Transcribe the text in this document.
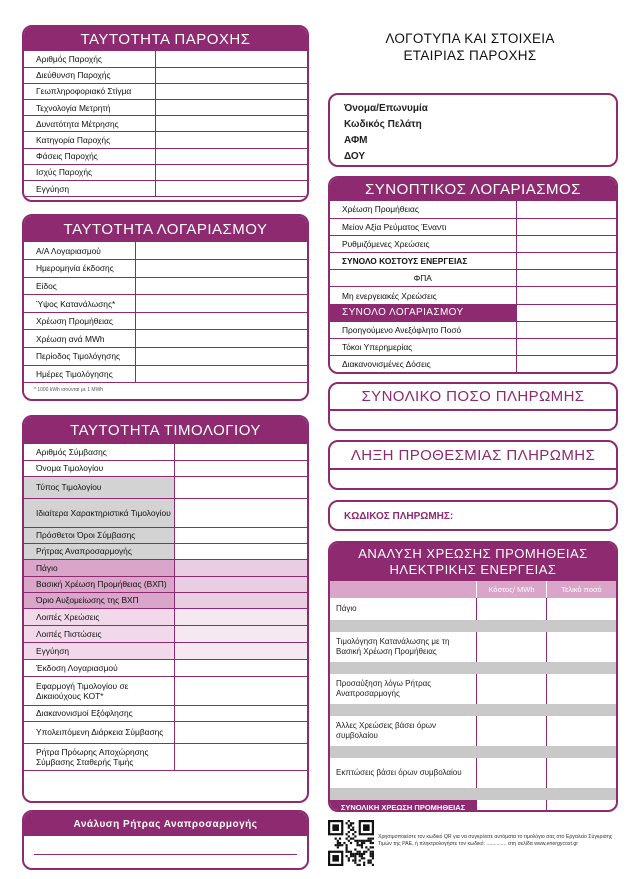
ΤΑΥΤΟΤΗΤΑ ΠΑΡΟΧΗΣ
Αριθμός Παροχής	
Διεύθυνση Παροχής	
Γεωπληροφοριακό Στίγμα	
Τεχνολογία Μετρητή	
Δυνατότητα Μέτρησης	
Κατηγορία Παροχής	
Φάσεις Παροχής	
Ισχύς Παροχής	
Εγγύηση	
ΤΑΥΤΟΤΗΤΑ ΛΟΓΑΡΙΑΣΜΟΥ
Α/Α Λογαριασμού	
Ημερομηνία έκδοσης	
Είδος	
Ύψος Κατανάλωσης*	
Χρέωση Προμήθειας	
Χρέωση ανά MWh	
Περίοδος Τιμολόγησης	
Ημέρες Τιμολόγησης	
* 1000 kWh ισούνται με 1 MWh
ΤΑΥΤΟΤΗΤΑ ΤΙΜΟΛΟΓΙΟΥ
Αριθμός Σύμβασης	
Όνομα Τιμολογίου	
Τύπος Τιμολογίου	
Ιδιαίτερα Χαρακτηριστικά Τιμολογίου	
Πρόσθετοι Όροι Σύμβασης	
Ρήτρας Αναπροσαρμογής	
Πάγιο	
Βασική Χρέωση Προμήθειας (ΒΧΠ)	
Όριο Αυξομείωσης της ΒΧΠ	
Λοιπές Χρεώσεις	
Λοιπές Πιστώσεις	
Εγγύηση	
Έκδοση Λογαριασμού	
Εφαρμογή Τιμολογίου σε Δικαιούχους ΚΟΤ*	
Διακανονισμοί Εξόφλησης	
Υπολειπόμενη Διάρκεια Σύμβασης	
Ρήτρα Πρόωρης Αποχώρησης Σύμβασης Σταθερής Τιμής	
Ανάλυση Ρήτρας Αναπροσαρμογής
ΛΟΓΟΤΥΠΑ ΚΑΙ ΣΤΟΙΧΕΙΑ
ΕΤΑΙΡΙΑΣ ΠΑΡΟΧΗΣ
Όνομα/Επωνυμία
Κωδικός Πελάτη
ΑΦΜ
ΔΟΥ
ΣΥΝΟΠΤΙΚΟΣ ΛΟΓΑΡΙΑΣΜΟΣ
Χρέωση Προμήθειας	
Μείον Αξία Ρεύματος Έναντι	
Ρυθμιζόμενες Χρεώσεις	
ΣΥΝΟΛΟ ΚΟΣΤΟΥΣ ΕΝΕΡΓΕΙΑΣ	
ΦΠΑ	
Μη ενεργειακές Χρεώσεις	
ΣΥΝΟΛΟ ΛΟΓΑΡΙΑΣΜΟΥ	
Προηγούμενο Ανεξόφλητο Ποσό	
Τόκοι Υπερημερίας	
Διακανονισμένες Δόσεις	
ΣΥΝΟΛΙΚΟ ΠΟΣΟ ΠΛΗΡΩΜΗΣ
ΛΗΞΗ ΠΡΟΘΕΣΜΙΑΣ ΠΛΗΡΩΜΗΣ
ΚΩΔΙΚΟΣ ΠΛΗΡΩΜΗΣ:
ΑΝΑΛΥΣΗ ΧΡΕΩΣΗΣ ΠΡΟΜΗΘΕΙΑΣ
ΗΛΕΚΤΡΙΚΗΣ ΕΝΕΡΓΕΙΑΣ
Κόστος/ MWh	Τελικό ποσό
Πάγιο
Τιμολόγηση Κατανάλωσης με τη Βασική Χρέωση Προμήθειας
Προσαύξηση λόγω Ρήτρας Αναπροσαρμογής
Άλλες Χρεώσεις βάσει όρων συμβολαίου
Εκπτώσεις βάσει όρων συμβολαίου
ΣΥΝΟΛΙΚΗ ΧΡΕΩΣΗ ΠΡΟΜΗΘΕΙΑΣ
Χρησιμοποιείστε τον κωδικό QR για να συγκρίνετε αυτόματα το τιμολόγιο σας στο Εργαλείο Σύγκρισης Τιμών της ΡΑΕ, ή πληκτρολογήστε τον κωδικό: .............. στη σελίδα www.energycost.gr
